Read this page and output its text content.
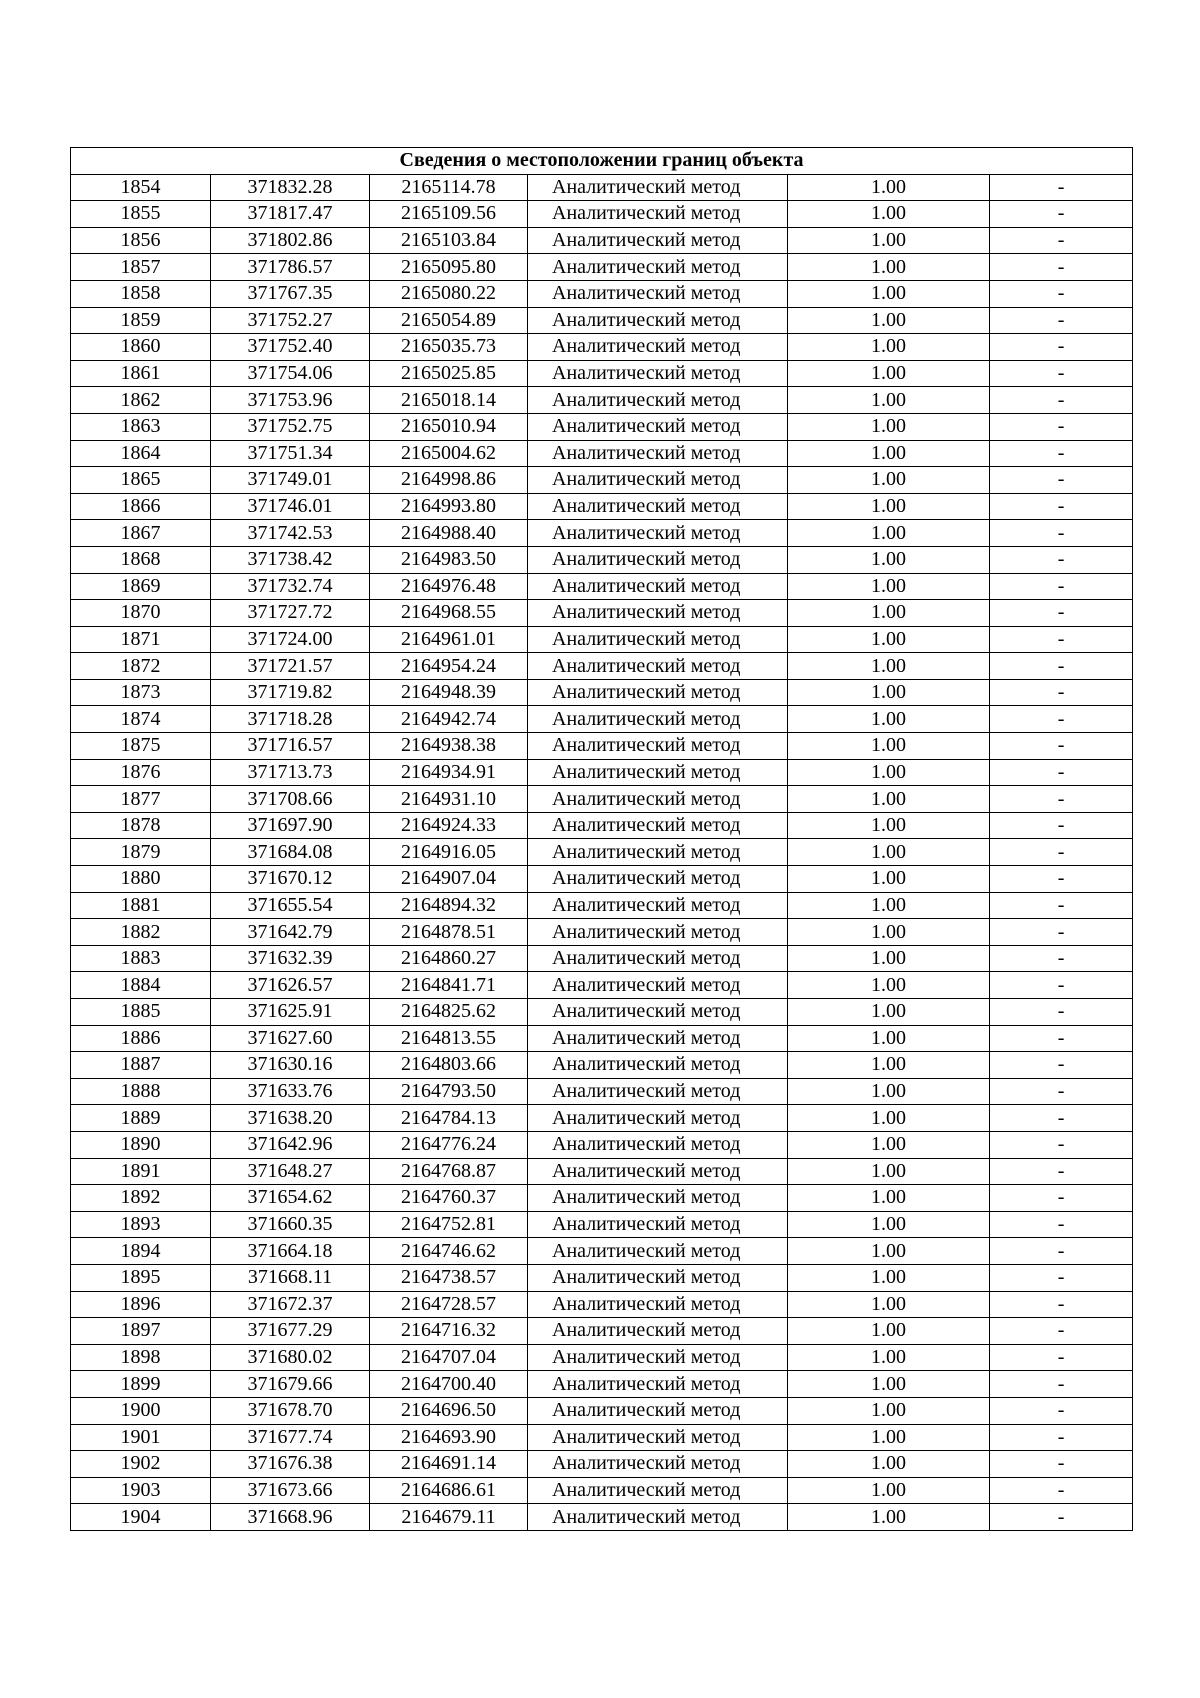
Сведения о местоположении границ объекта					
1854	371832.28	2165114.78	Аналитический метод	1.00	-
1855	371817.47	2165109.56	Аналитический метод	1.00	-
1856	371802.86	2165103.84	Аналитический метод	1.00	-
1857	371786.57	2165095.80	Аналитический метод	1.00	-
1858	371767.35	2165080.22	Аналитический метод	1.00	-
1859	371752.27	2165054.89	Аналитический метод	1.00	-
1860	371752.40	2165035.73	Аналитический метод	1.00	-
1861	371754.06	2165025.85	Аналитический метод	1.00	-
1862	371753.96	2165018.14	Аналитический метод	1.00	-
1863	371752.75	2165010.94	Аналитический метод	1.00	-
1864	371751.34	2165004.62	Аналитический метод	1.00	-
1865	371749.01	2164998.86	Аналитический метод	1.00	-
1866	371746.01	2164993.80	Аналитический метод	1.00	-
1867	371742.53	2164988.40	Аналитический метод	1.00	-
1868	371738.42	2164983.50	Аналитический метод	1.00	-
1869	371732.74	2164976.48	Аналитический метод	1.00	-
1870	371727.72	2164968.55	Аналитический метод	1.00	-
1871	371724.00	2164961.01	Аналитический метод	1.00	-
1872	371721.57	2164954.24	Аналитический метод	1.00	-
1873	371719.82	2164948.39	Аналитический метод	1.00	-
1874	371718.28	2164942.74	Аналитический метод	1.00	-
1875	371716.57	2164938.38	Аналитический метод	1.00	-
1876	371713.73	2164934.91	Аналитический метод	1.00	-
1877	371708.66	2164931.10	Аналитический метод	1.00	-
1878	371697.90	2164924.33	Аналитический метод	1.00	-
1879	371684.08	2164916.05	Аналитический метод	1.00	-
1880	371670.12	2164907.04	Аналитический метод	1.00	-
1881	371655.54	2164894.32	Аналитический метод	1.00	-
1882	371642.79	2164878.51	Аналитический метод	1.00	-
1883	371632.39	2164860.27	Аналитический метод	1.00	-
1884	371626.57	2164841.71	Аналитический метод	1.00	-
1885	371625.91	2164825.62	Аналитический метод	1.00	-
1886	371627.60	2164813.55	Аналитический метод	1.00	-
1887	371630.16	2164803.66	Аналитический метод	1.00	-
1888	371633.76	2164793.50	Аналитический метод	1.00	-
1889	371638.20	2164784.13	Аналитический метод	1.00	-
1890	371642.96	2164776.24	Аналитический метод	1.00	-
1891	371648.27	2164768.87	Аналитический метод	1.00	-
1892	371654.62	2164760.37	Аналитический метод	1.00	-
1893	371660.35	2164752.81	Аналитический метод	1.00	-
1894	371664.18	2164746.62	Аналитический метод	1.00	-
1895	371668.11	2164738.57	Аналитический метод	1.00	-
1896	371672.37	2164728.57	Аналитический метод	1.00	-
1897	371677.29	2164716.32	Аналитический метод	1.00	-
1898	371680.02	2164707.04	Аналитический метод	1.00	-
1899	371679.66	2164700.40	Аналитический метод	1.00	-
1900	371678.70	2164696.50	Аналитический метод	1.00	-
1901	371677.74	2164693.90	Аналитический метод	1.00	-
1902	371676.38	2164691.14	Аналитический метод	1.00	-
1903	371673.66	2164686.61	Аналитический метод	1.00	-
1904	371668.96	2164679.11	Аналитический метод	1.00	-
